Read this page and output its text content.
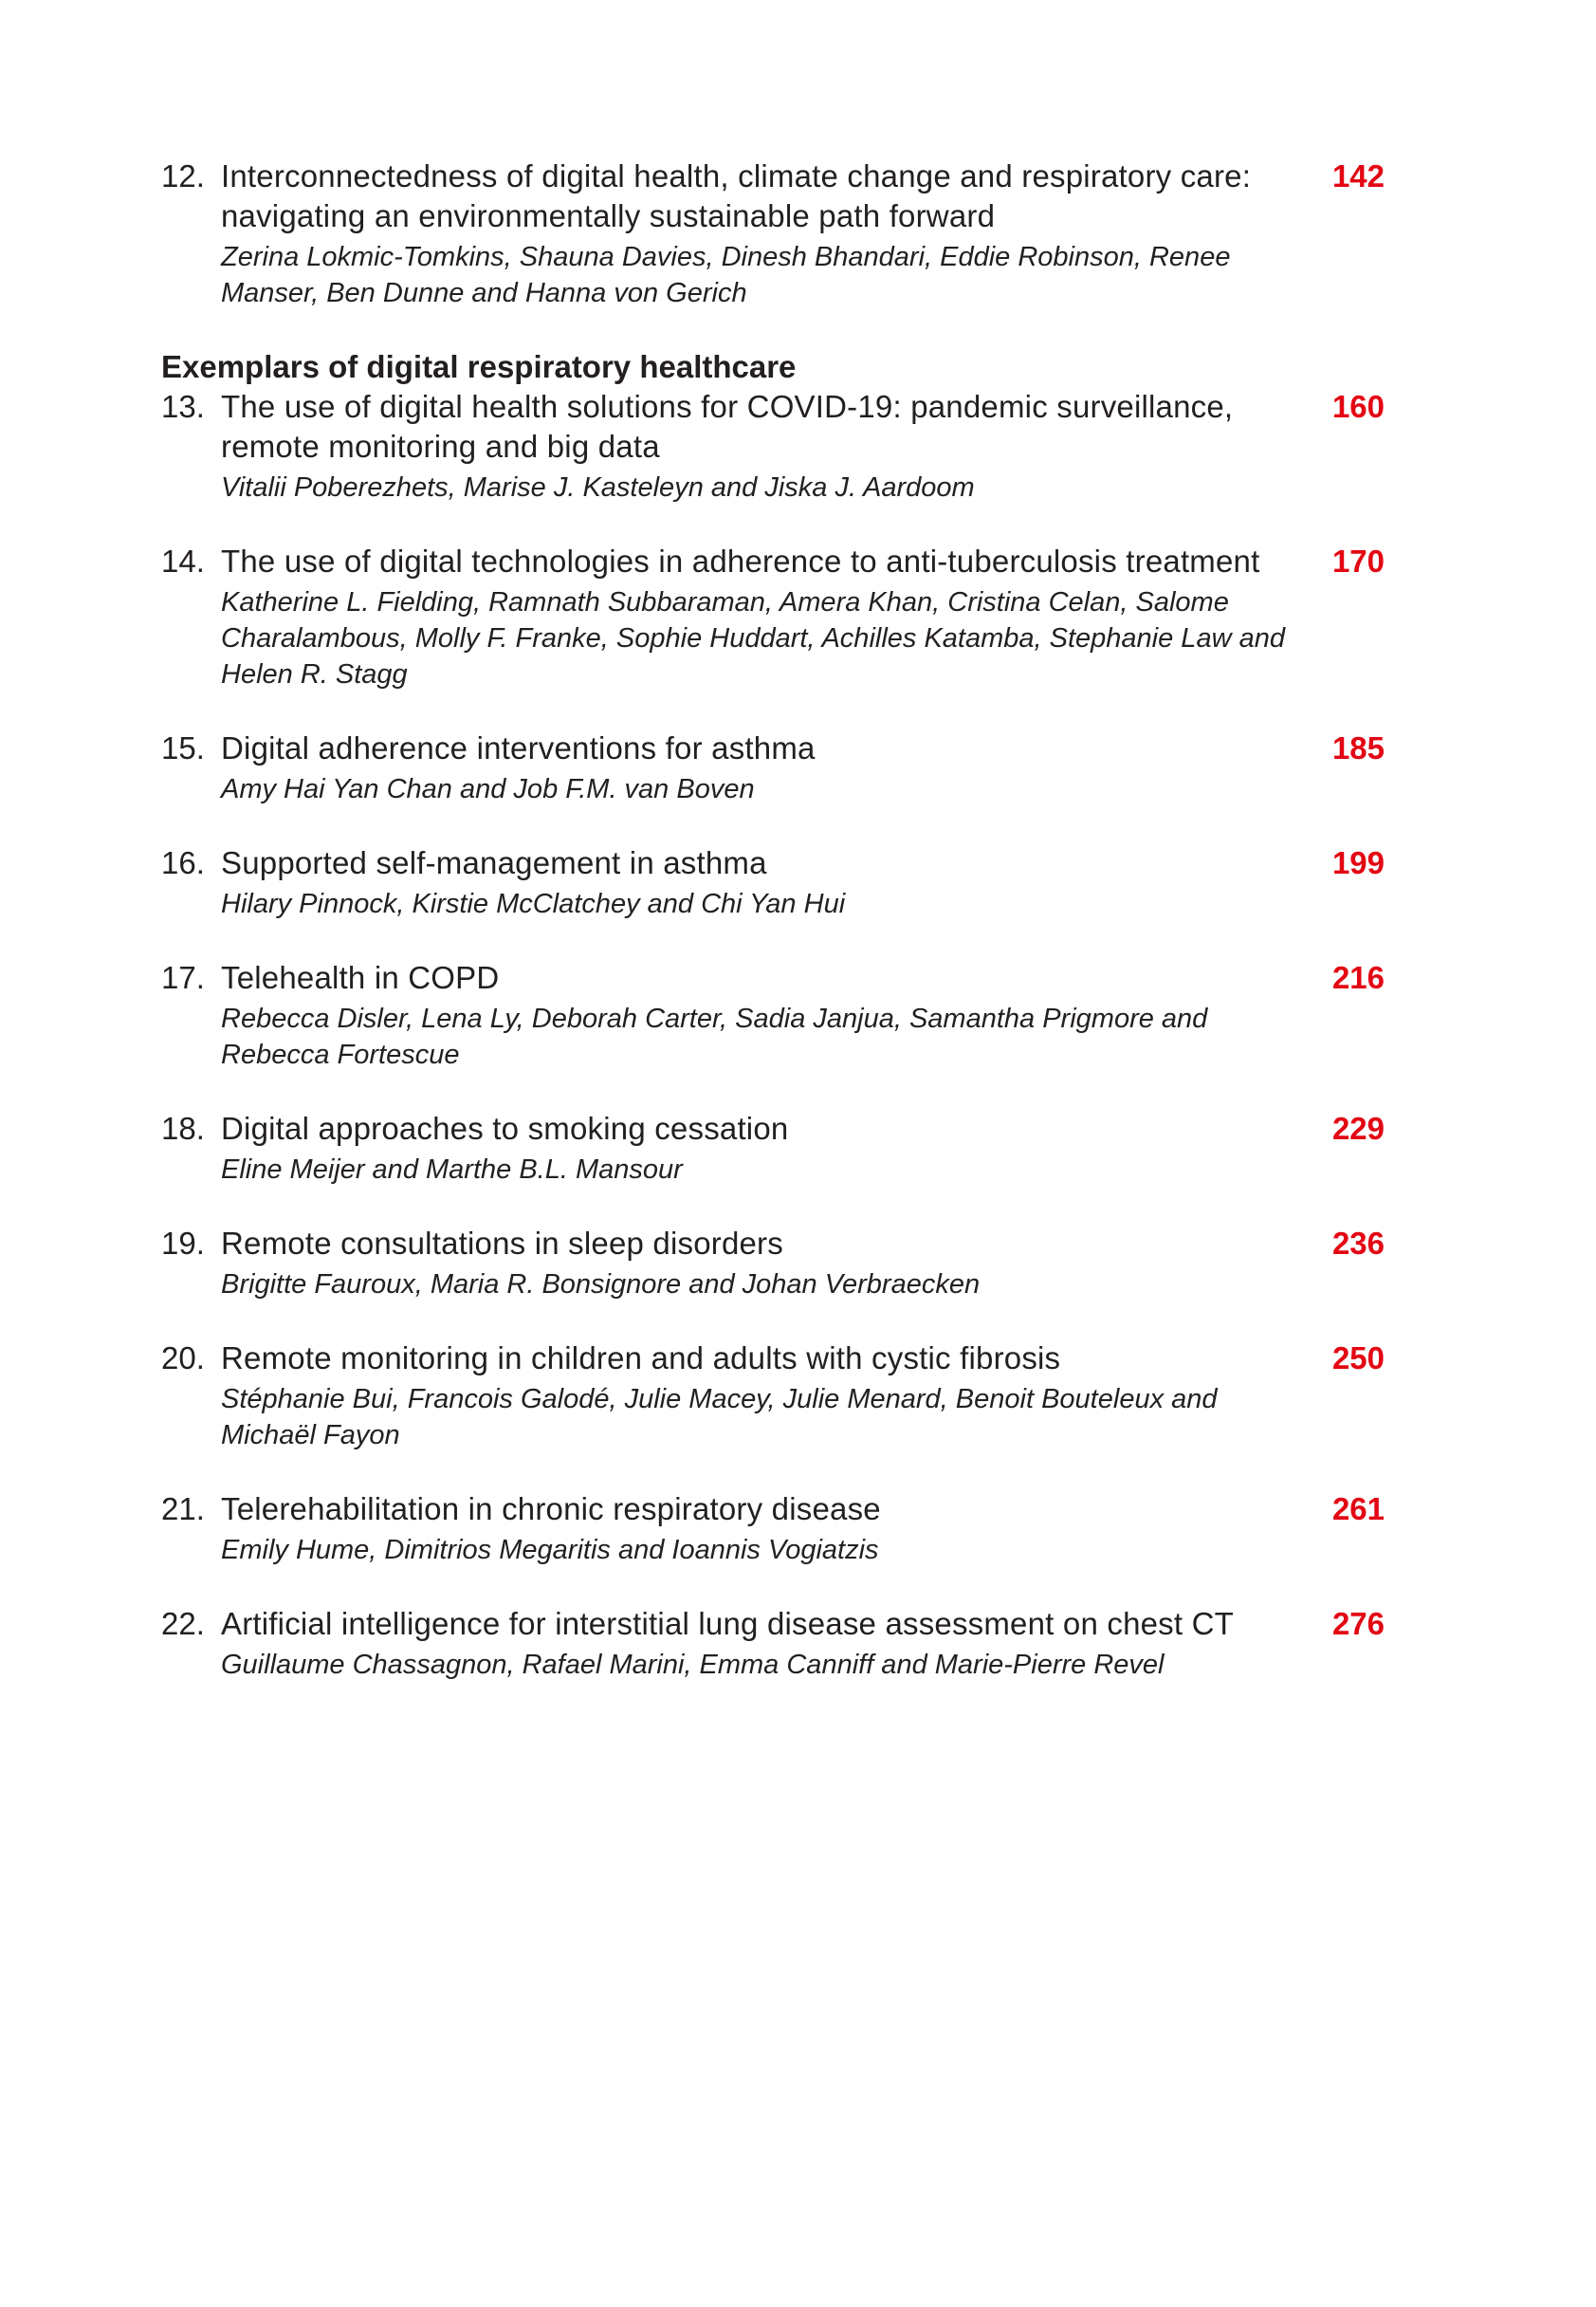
12. Interconnectedness of digital health, climate change and respiratory care: navigating an environmentally sustainable path forward
Zerina Lokmic-Tomkins, Shauna Davies, Dinesh Bhandari, Eddie Robinson, Renee Manser, Ben Dunne and Hanna von Gerich
142
Exemplars of digital respiratory healthcare
13. The use of digital health solutions for COVID-19: pandemic surveillance, remote monitoring and big data
Vitalii Poberezhets, Marise J. Kasteleyn and Jiska J. Aardoom
160
14. The use of digital technologies in adherence to anti-tuberculosis treatment
Katherine L. Fielding, Ramnath Subbaraman, Amera Khan, Cristina Celan, Salome Charalambous, Molly F. Franke, Sophie Huddart, Achilles Katamba, Stephanie Law and Helen R. Stagg
170
15. Digital adherence interventions for asthma
Amy Hai Yan Chan and Job F.M. van Boven
185
16. Supported self-management in asthma
Hilary Pinnock, Kirstie McClatchey and Chi Yan Hui
199
17. Telehealth in COPD
Rebecca Disler, Lena Ly, Deborah Carter, Sadia Janjua, Samantha Prigmore and Rebecca Fortescue
216
18. Digital approaches to smoking cessation
Eline Meijer and Marthe B.L. Mansour
229
19. Remote consultations in sleep disorders
Brigitte Fauroux, Maria R. Bonsignore and Johan Verbraecken
236
20. Remote monitoring in children and adults with cystic fibrosis
Stéphanie Bui, Francois Galodé, Julie Macey, Julie Menard, Benoit Bouteleux and Michaël Fayon
250
21. Telerehabilitation in chronic respiratory disease
Emily Hume, Dimitrios Megaritis and Ioannis Vogiatzis
261
22. Artificial intelligence for interstitial lung disease assessment on chest CT
Guillaume Chassagnon, Rafael Marini, Emma Canniff and Marie-Pierre Revel
276
